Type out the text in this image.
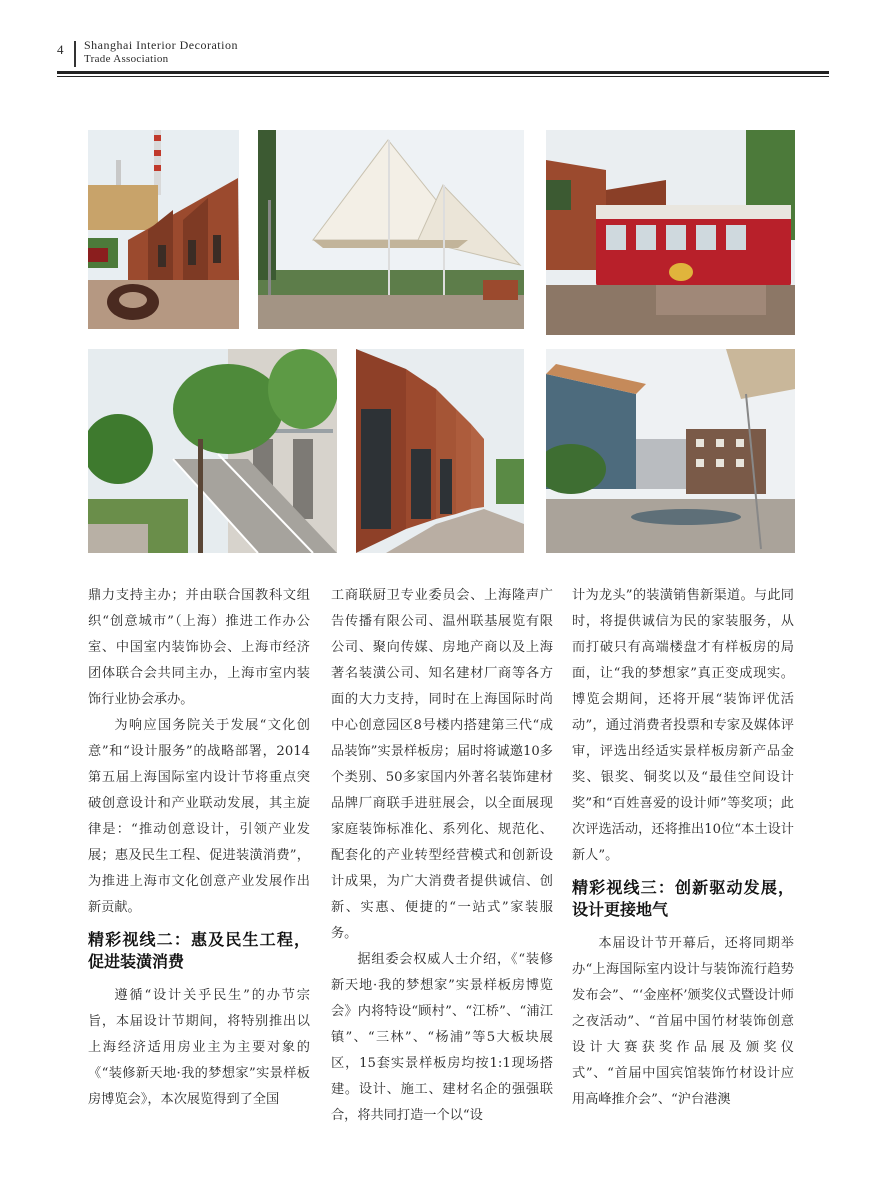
4 Shanghai Interior Decoration
Trade Association

鼎力支持主办；并由联合国教科文组织“创意城市”（上海）推进工作办公室、中国室内装饰协会、上海市经济团体联合会共同主办，上海市室内装饰行业协会承办。

为响应国务院关于发展“文化创意”和“设计服务”的战略部署，2014第五届上海国际室内设计节将重点突破创意设计和产业联动发展，其主旋律是：“推动创意设计，引领产业发展；惠及民生工程、促进装潢消费”，为推进上海市文化创意产业发展作出新贡献。

精彩视线二：惠及民生工程，促进装潢消费

遵循“设计关乎民生”的办节宗旨，本届设计节期间，将特别推出以上海经济适用房业主为主要对象的《“装修新天地·我的梦想家”实景样板房博览会》，本次展览得到了全国

工商联厨卫专业委员会、上海隆声广告传播有限公司、温州联基展览有限公司、聚向传媒、房地产商以及上海著名装潢公司、知名建材厂商等各方面的大力支持，同时在上海国际时尚中心创意园区8号楼内搭建第三代“成品装饰”实景样板房；届时将诚邀10多个类别、50多家国内外著名装饰建材品牌厂商联手进驻展会，以全面展现家庭装饰标准化、系列化、规范化、配套化的产业转型经营模式和创新设计成果，为广大消费者提供诚信、创新、实惠、便捷的“一站式”家装服务。

据组委会权威人士介绍，《“装修新天地·我的梦想家”实景样板房博览会》内将特设“顾村”、“江桥”、“浦江镇”、“三林”、“杨浦”等5大板块展区，15套实景样板房均按1:1现场搭建。设计、施工、建材名企的强强联合，将共同打造一个以“设

计为龙头”的装潢销售新渠道。与此同时，将提供诚信为民的家装服务，从而打破只有高端楼盘才有样板房的局面，让“我的梦想家”真正变成现实。博览会期间，还将开展“装饰评优活动”，通过消费者投票和专家及媒体评审，评选出经适实景样板房新产品金奖、银奖、铜奖以及“最佳空间设计奖”和“百姓喜爱的设计师”等奖项；此次评选活动，还将推出10位“本土设计新人”。

精彩视线三：创新驱动发展，设计更接地气

本届设计节开幕后，还将同期举办“上海国际室内设计与装饰流行趋势发布会”、“‘金座杯’颁奖仪式暨设计师之夜活动”、“首届中国竹材装饰创意设计大赛获奖作品展及颁奖仪式”、“首届中国宾馆装饰竹材设计应用高峰推介会”、“沪台港澳
